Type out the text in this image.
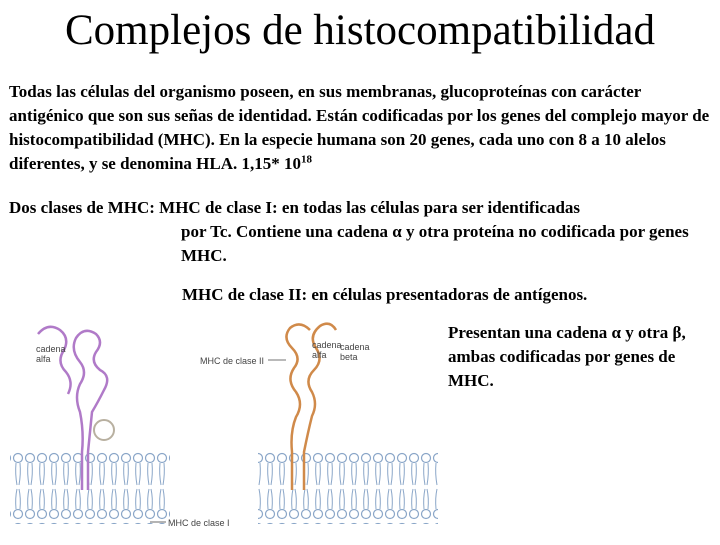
Complejos de histocompatibilidad
Todas las células del organismo poseen, en sus membranas, glucoproteínas con carácter antigénico que son sus señas de identidad. Están codificadas por los genes del complejo mayor de histocompatibilidad (MHC). En la especie humana son 20 genes, cada uno con 8 a 10 alelos diferentes, y se denomina HLA. 1,15* $10^{18}$
Dos clases de MHC: MHC de clase I: en todas las células para ser identificadas
por Tc. Contiene una cadena α y otra proteína no codificada por genes MHC.
MHC de clase II: en células presentadoras de antígenos.
Presentan una cadena α y otra β, ambas codificadas por genes de MHC.
cadena
alfa	MHC de clase II
cadena
alfa
cadena
beta
MHC de clase I
